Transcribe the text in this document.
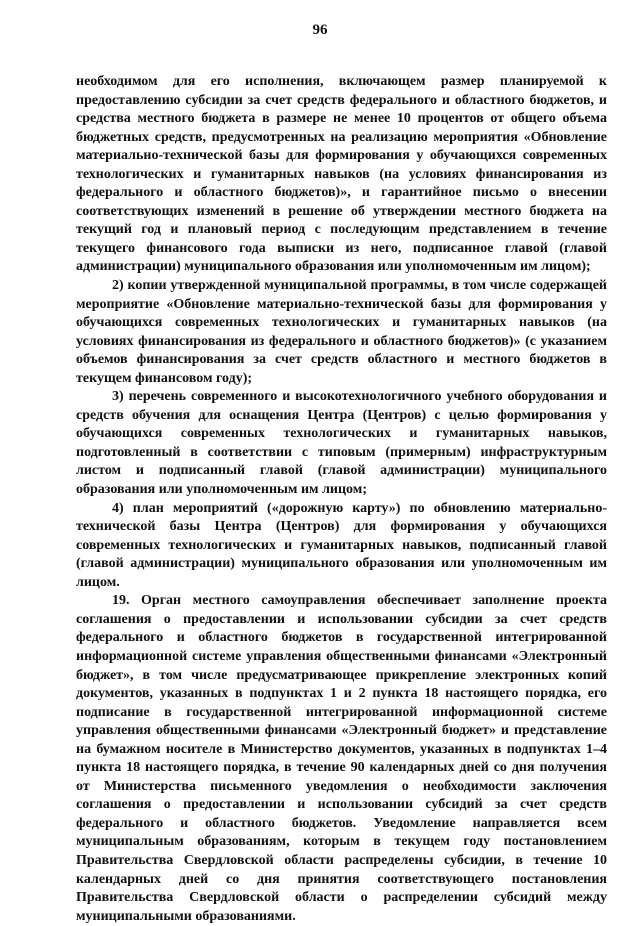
96

необходимом для его исполнения, включающем размер планируемой к предоставлению субсидии за счет средств федерального и областного бюджетов, и средства местного бюджета в размере не менее 10 процентов от общего объема бюджетных средств, предусмотренных на реализацию мероприятия «Обновление материально-технической базы для формирования у обучающихся современных технологических и гуманитарных навыков (на условиях финансирования из федерального и областного бюджетов)», и гарантийное письмо о внесении соответствующих изменений в решение об утверждении местного бюджета на текущий год и плановый период с последующим представлением в течение текущего финансового года выписки из него, подписанное главой (главой администрации) муниципального образования или уполномоченным им лицом);

2) копии утвержденной муниципальной программы, в том числе содержащей мероприятие «Обновление материально-технической базы для формирования у обучающихся современных технологических и гуманитарных навыков (на условиях финансирования из федерального и областного бюджетов)» (с указанием объемов финансирования за счет средств областного и местного бюджетов в текущем финансовом году);

3) перечень современного и высокотехнологичного учебного оборудования и средств обучения для оснащения Центра (Центров) с целью формирования у обучающихся современных технологических и гуманитарных навыков, подготовленный в соответствии с типовым (примерным) инфраструктурным листом и подписанный главой (главой администрации) муниципального образования или уполномоченным им лицом;

4) план мероприятий («дорожную карту») по обновлению материально-технической базы Центра (Центров) для формирования у обучающихся современных технологических и гуманитарных навыков, подписанный главой (главой администрации) муниципального образования или уполномоченным им лицом.

19. Орган местного самоуправления обеспечивает заполнение проекта соглашения о предоставлении и использовании субсидии за счет средств федерального и областного бюджетов в государственной интегрированной информационной системе управления общественными финансами «Электронный бюджет», в том числе предусматривающее прикрепление электронных копий документов, указанных в подпунктах 1 и 2 пункта 18 настоящего порядка, его подписание в государственной интегрированной информационной системе управления общественными финансами «Электронный бюджет» и представление на бумажном носителе в Министерство документов, указанных в подпунктах 1–4 пункта 18 настоящего порядка, в течение 90 календарных дней со дня получения от Министерства письменного уведомления о необходимости заключения соглашения о предоставлении и использовании субсидий за счет средств федерального и областного бюджетов. Уведомление направляется всем муниципальным образованиям, которым в текущем году постановлением Правительства Свердловской области распределены субсидии, в течение 10 календарных дней со дня принятия соответствующего постановления Правительства Свердловской области о распределении субсидий между муниципальными образованиями.
